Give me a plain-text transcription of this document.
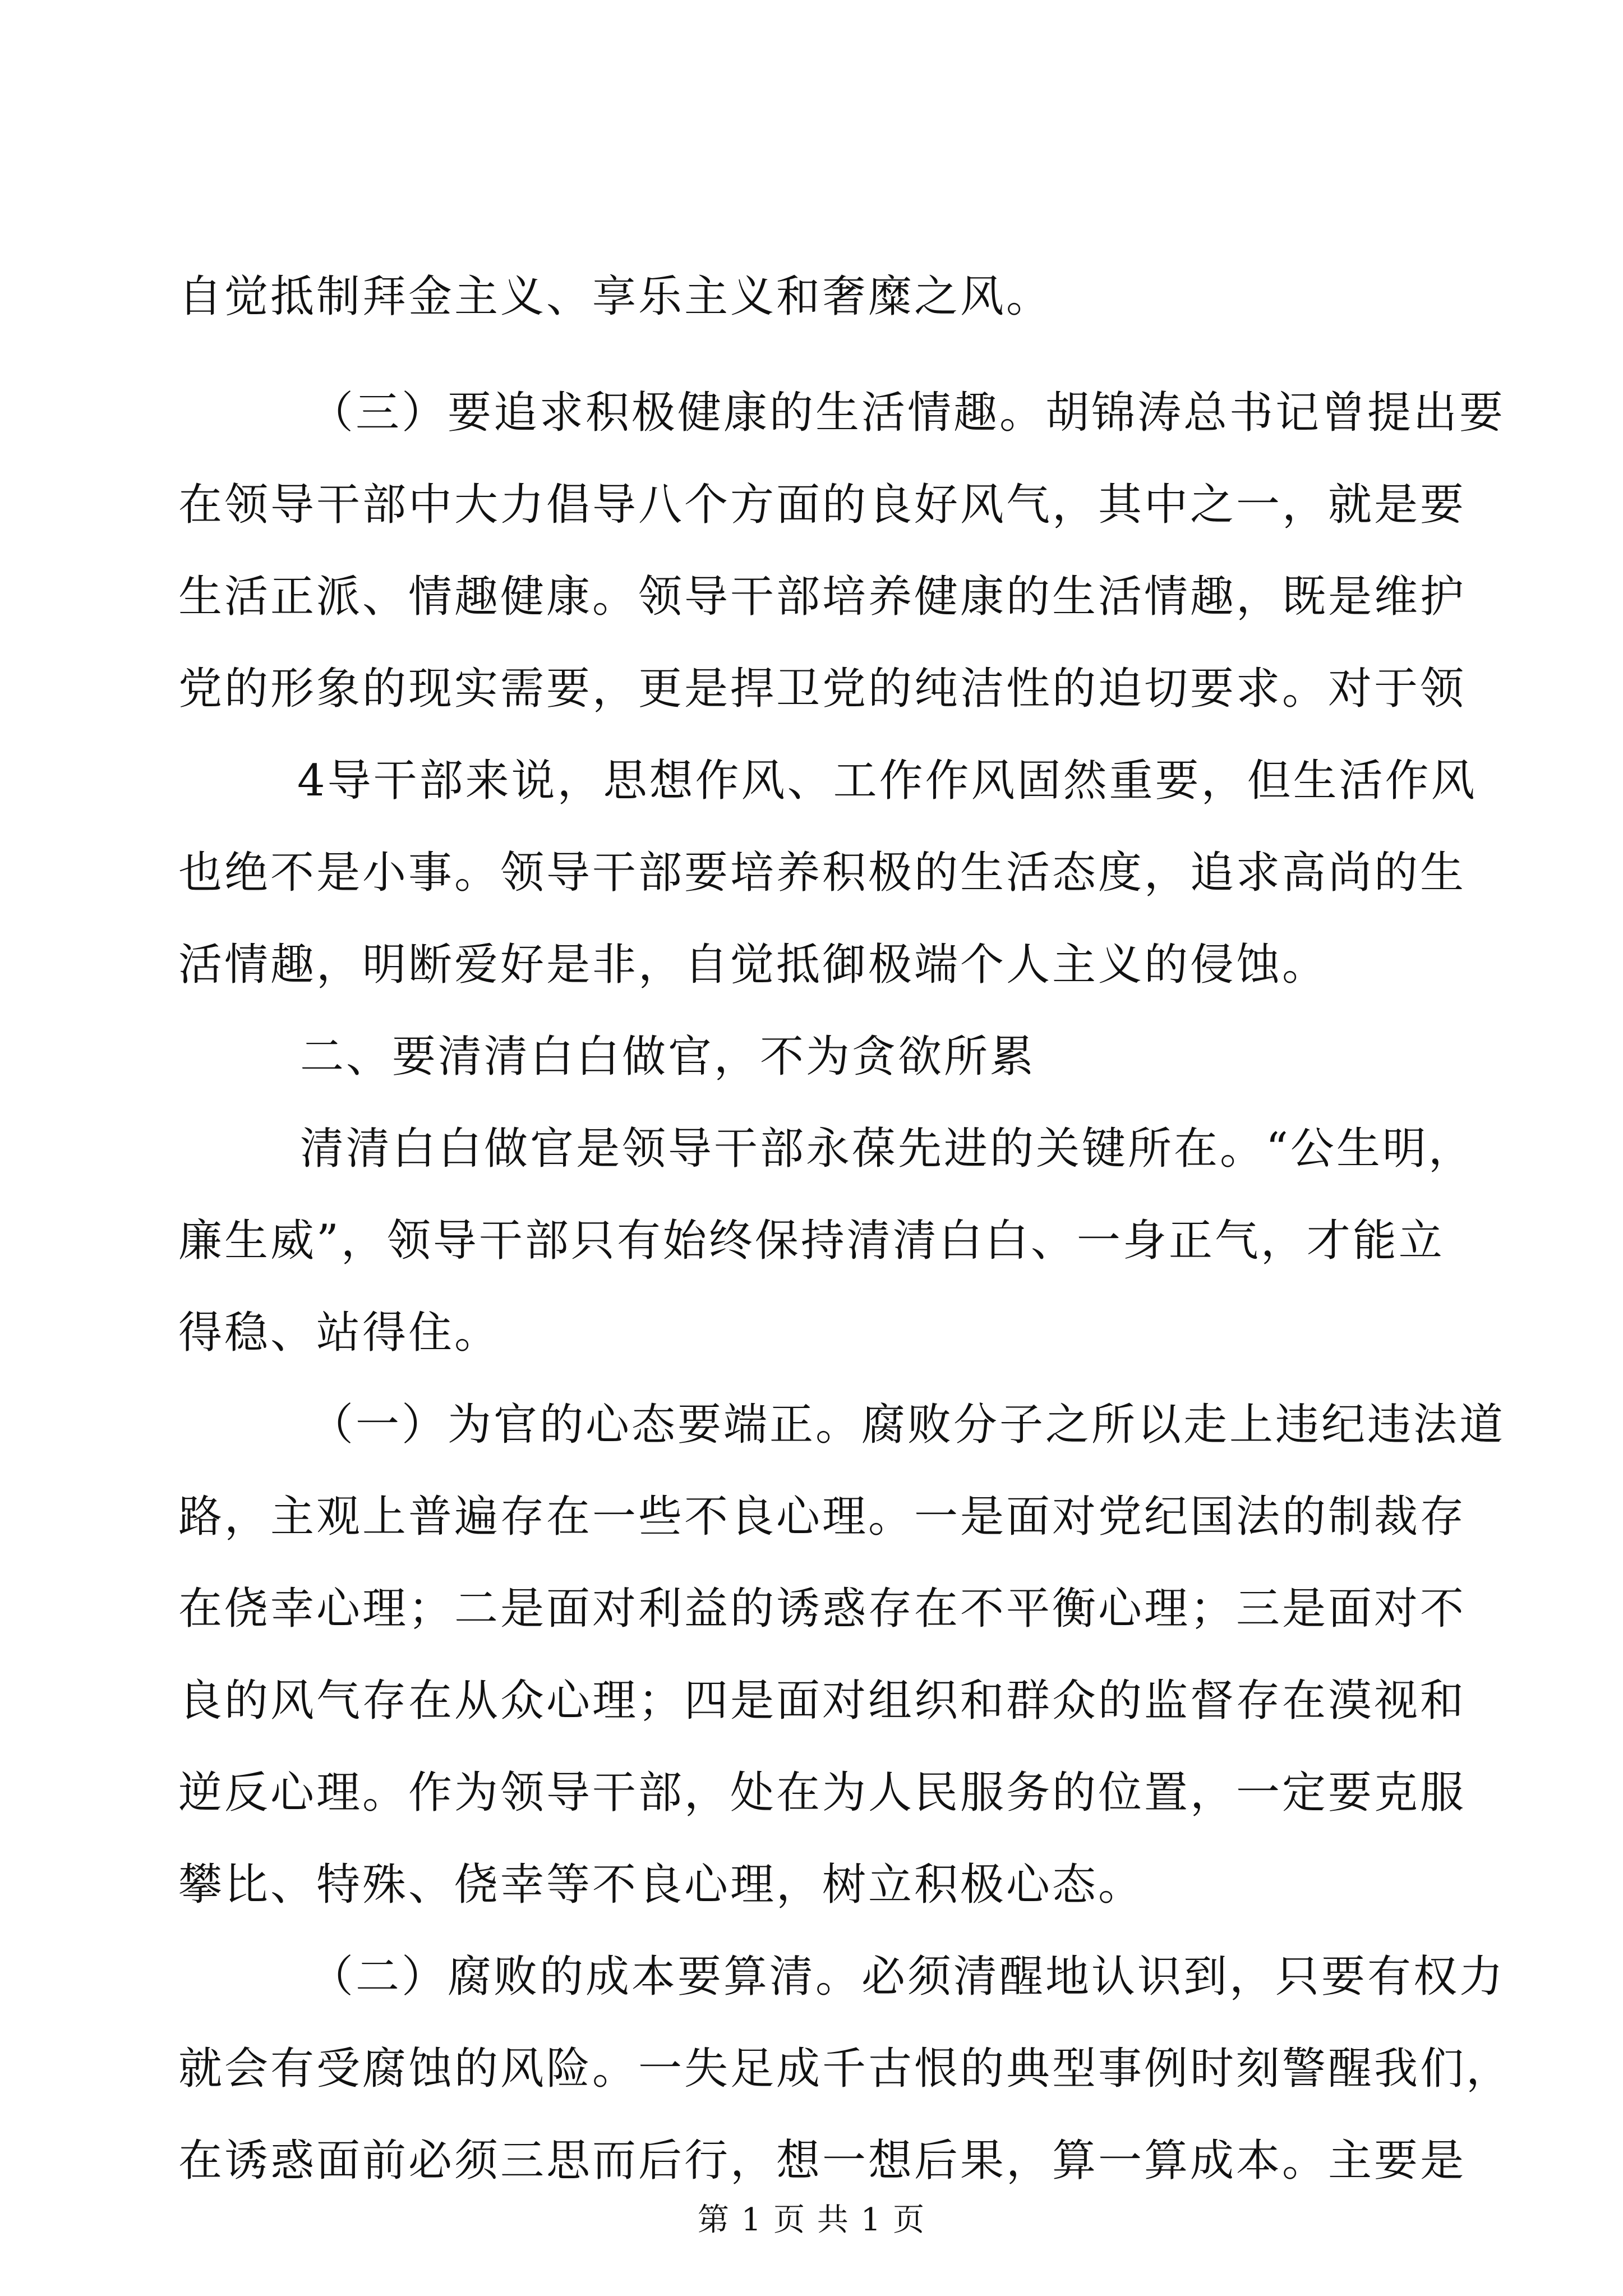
自觉抵制拜金主义、享乐主义和奢糜之风。
（三）要追求积极健康的生活情趣。胡锦涛总书记曾提出要
在领导干部中大力倡导八个方面的良好风气，其中之一，就是要
生活正派、情趣健康。领导干部培养健康的生活情趣，既是维护
党的形象的现实需要，更是捍卫党的纯洁性的迫切要求。对于领
4导干部来说，思想作风、工作作风固然重要，但生活作风
也绝不是小事。领导干部要培养积极的生活态度，追求高尚的生
活情趣，明断爱好是非，自觉抵御极端个人主义的侵蚀。
二、要清清白白做官，不为贪欲所累
清清白白做官是领导干部永葆先进的关键所在。“公生明，
廉生威”，领导干部只有始终保持清清白白、一身正气，才能立
得稳、站得住。
（一）为官的心态要端正。腐败分子之所以走上违纪违法道
路，主观上普遍存在一些不良心理。一是面对党纪国法的制裁存
在侥幸心理；二是面对利益的诱惑存在不平衡心理；三是面对不
良的风气存在从众心理；四是面对组织和群众的监督存在漠视和
逆反心理。作为领导干部，处在为人民服务的位置，一定要克服
攀比、特殊、侥幸等不良心理，树立积极心态。
（二）腐败的成本要算清。必须清醒地认识到，只要有权力
就会有受腐蚀的风险。一失足成千古恨的典型事例时刻警醒我们，
在诱惑面前必须三思而后行，想一想后果，算一算成本。主要是
第 1 页 共 1 页
